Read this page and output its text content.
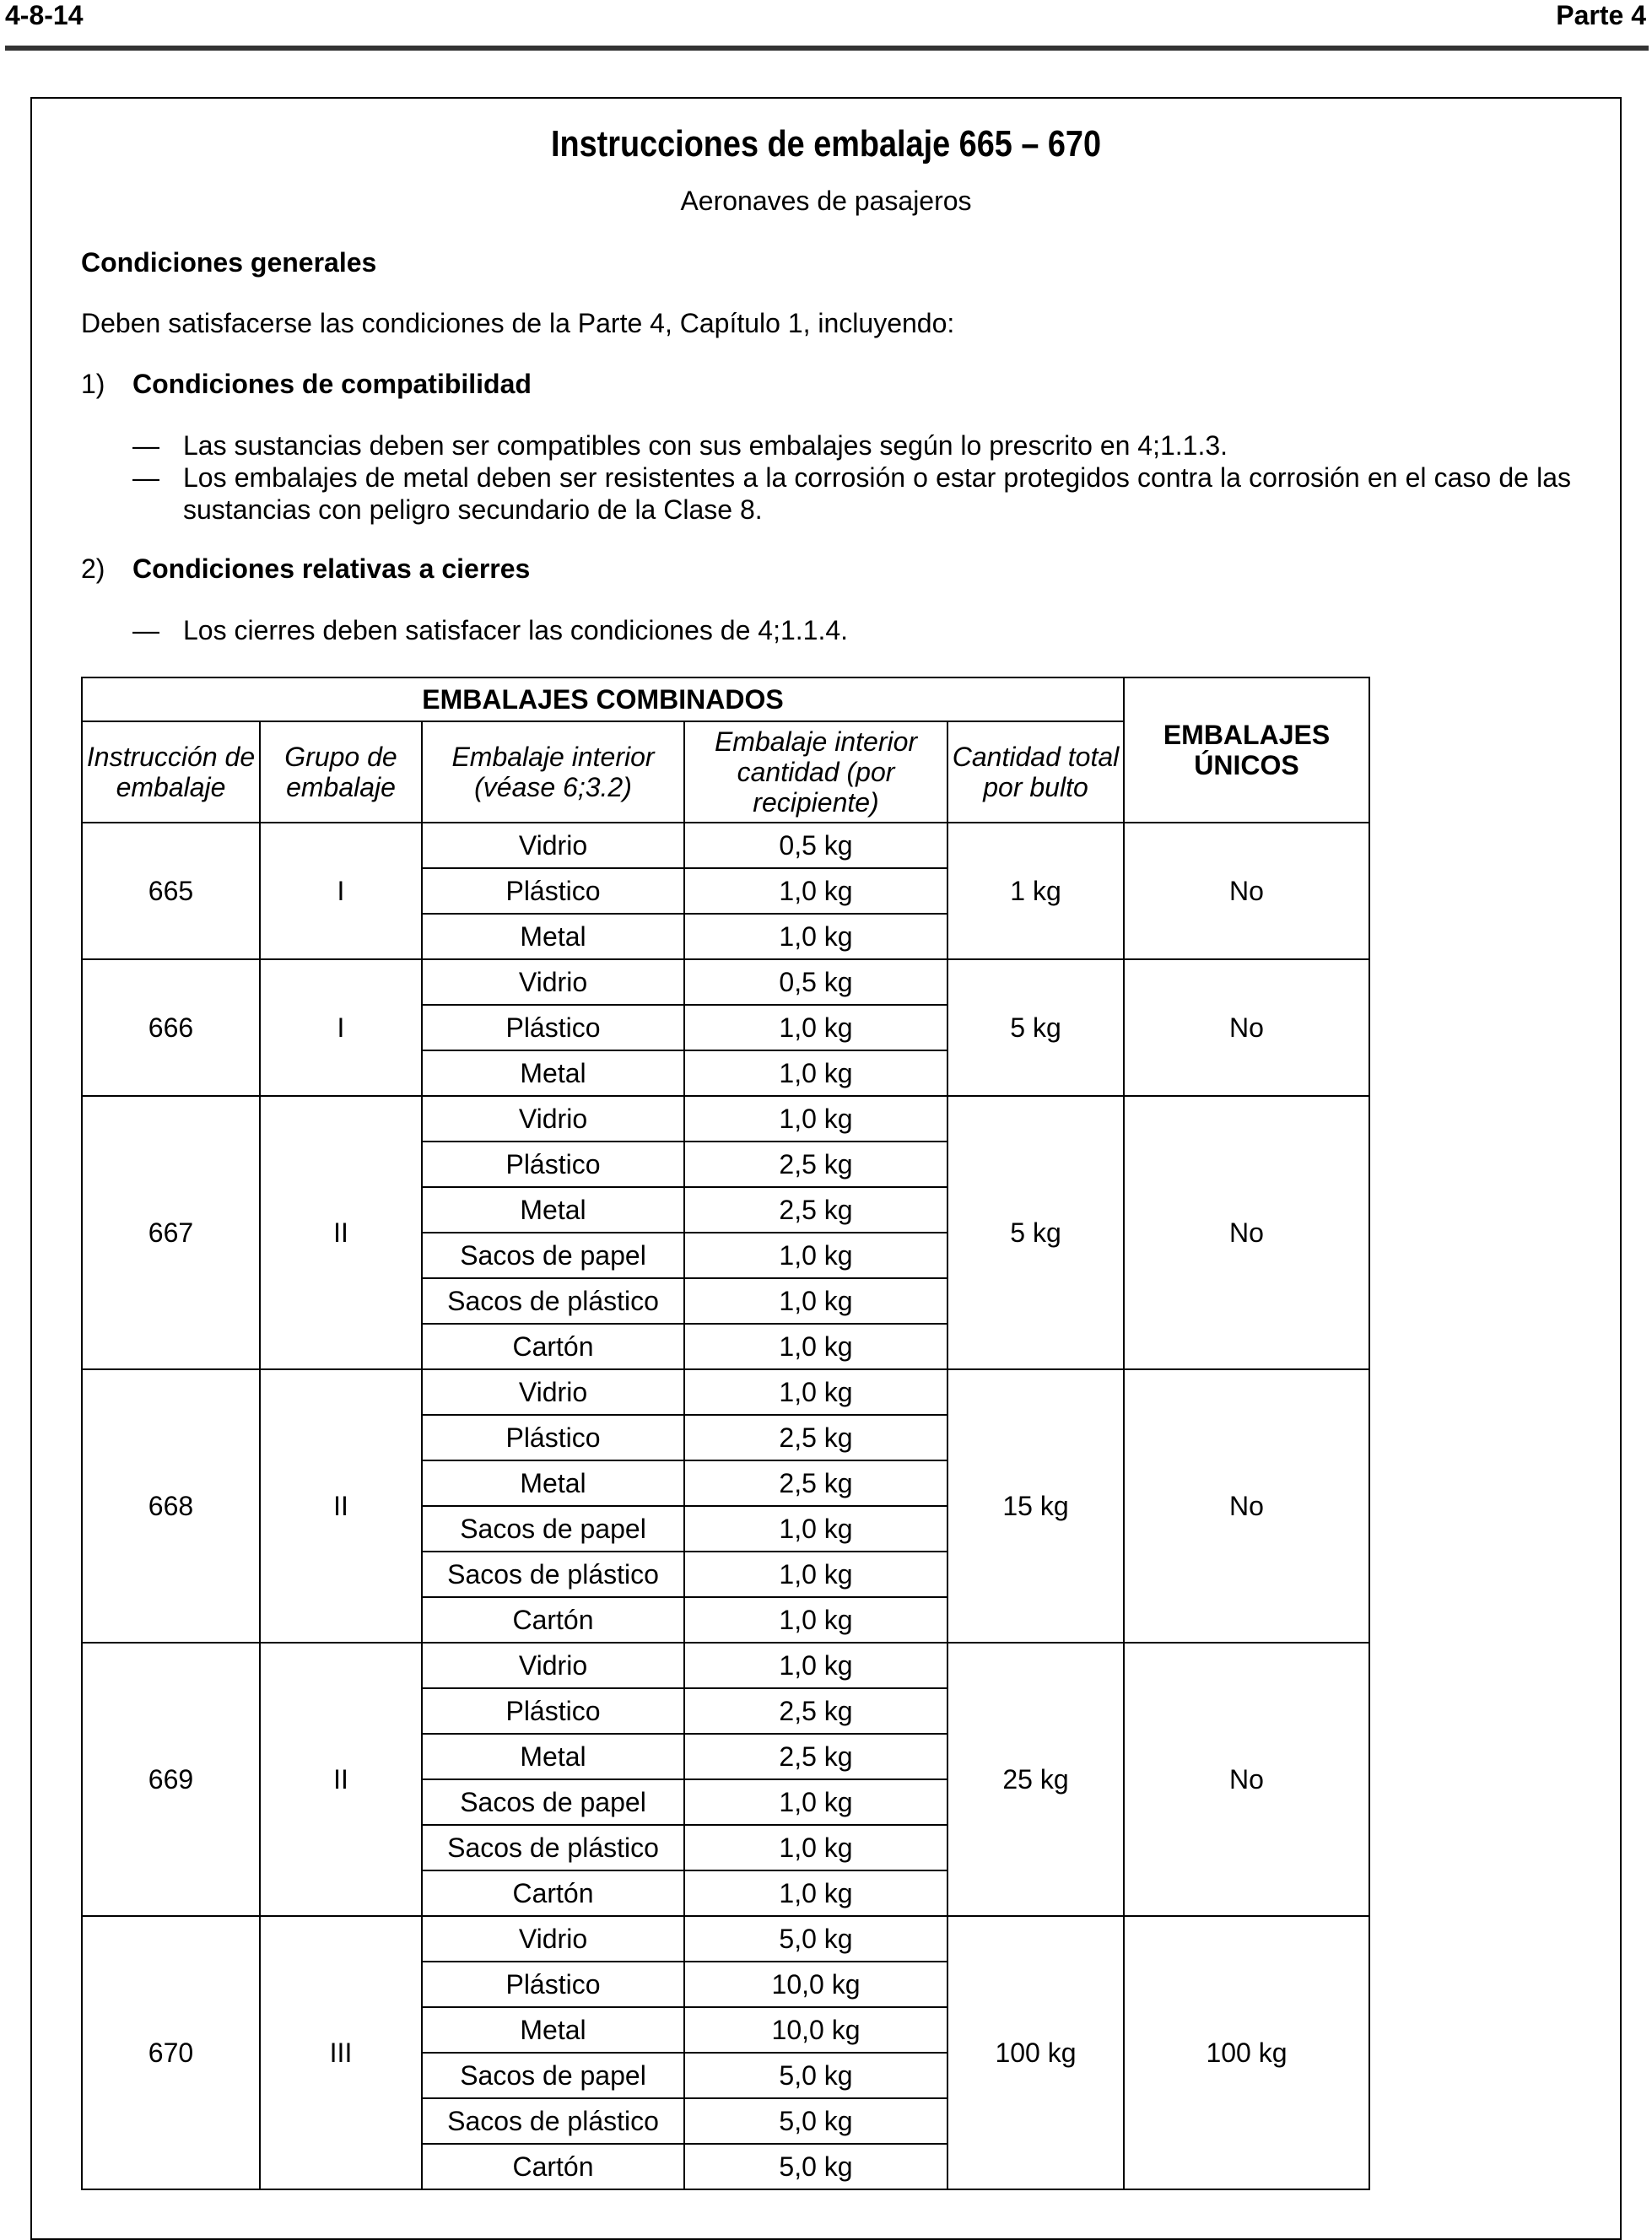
4-8-14	Parte 4
Instrucciones de embalaje 665 – 670
Aeronaves de pasajeros
Condiciones generales
Deben satisfacerse las condiciones de la Parte 4, Capítulo 1, incluyendo:
1) Condiciones de compatibilidad
— Las sustancias deben ser compatibles con sus embalajes según lo prescrito en 4;1.1.3.
— Los embalajes de metal deben ser resistentes a la corrosión o estar protegidos contra la corrosión en el caso de las sustancias con peligro secundario de la Clase 8.
2) Condiciones relativas a cierres
— Los cierres deben satisfacer las condiciones de 4;1.1.4.
EMBALAJES COMBINADOS					EMBALAJES ÚNICOS
Instrucción de embalaje	Grupo de embalaje	Embalaje interior (véase 6;3.2)	Embalaje interior cantidad (por recipiente)	Cantidad total por bulto	
665	I	Vidrio	0,5 kg	1 kg	No
		Plástico	1,0 kg		
		Metal	1,0 kg		
666	I	Vidrio	0,5 kg	5 kg	No
		Plástico	1,0 kg		
		Metal	1,0 kg		
667	II	Vidrio	1,0 kg	5 kg	No
		Plástico	2,5 kg		
		Metal	2,5 kg		
		Sacos de papel	1,0 kg		
		Sacos de plástico	1,0 kg		
		Cartón	1,0 kg		
668	II	Vidrio	1,0 kg	15 kg	No
		Plástico	2,5 kg		
		Metal	2,5 kg		
		Sacos de papel	1,0 kg		
		Sacos de plástico	1,0 kg		
		Cartón	1,0 kg		
669	II	Vidrio	1,0 kg	25 kg	No
		Plástico	2,5 kg		
		Metal	2,5 kg		
		Sacos de papel	1,0 kg		
		Sacos de plástico	1,0 kg		
		Cartón	1,0 kg		
670	III	Vidrio	5,0 kg	100 kg	100 kg
		Plástico	10,0 kg		
		Metal	10,0 kg		
		Sacos de papel	5,0 kg		
		Sacos de plástico	5,0 kg		
		Cartón	5,0 kg		
